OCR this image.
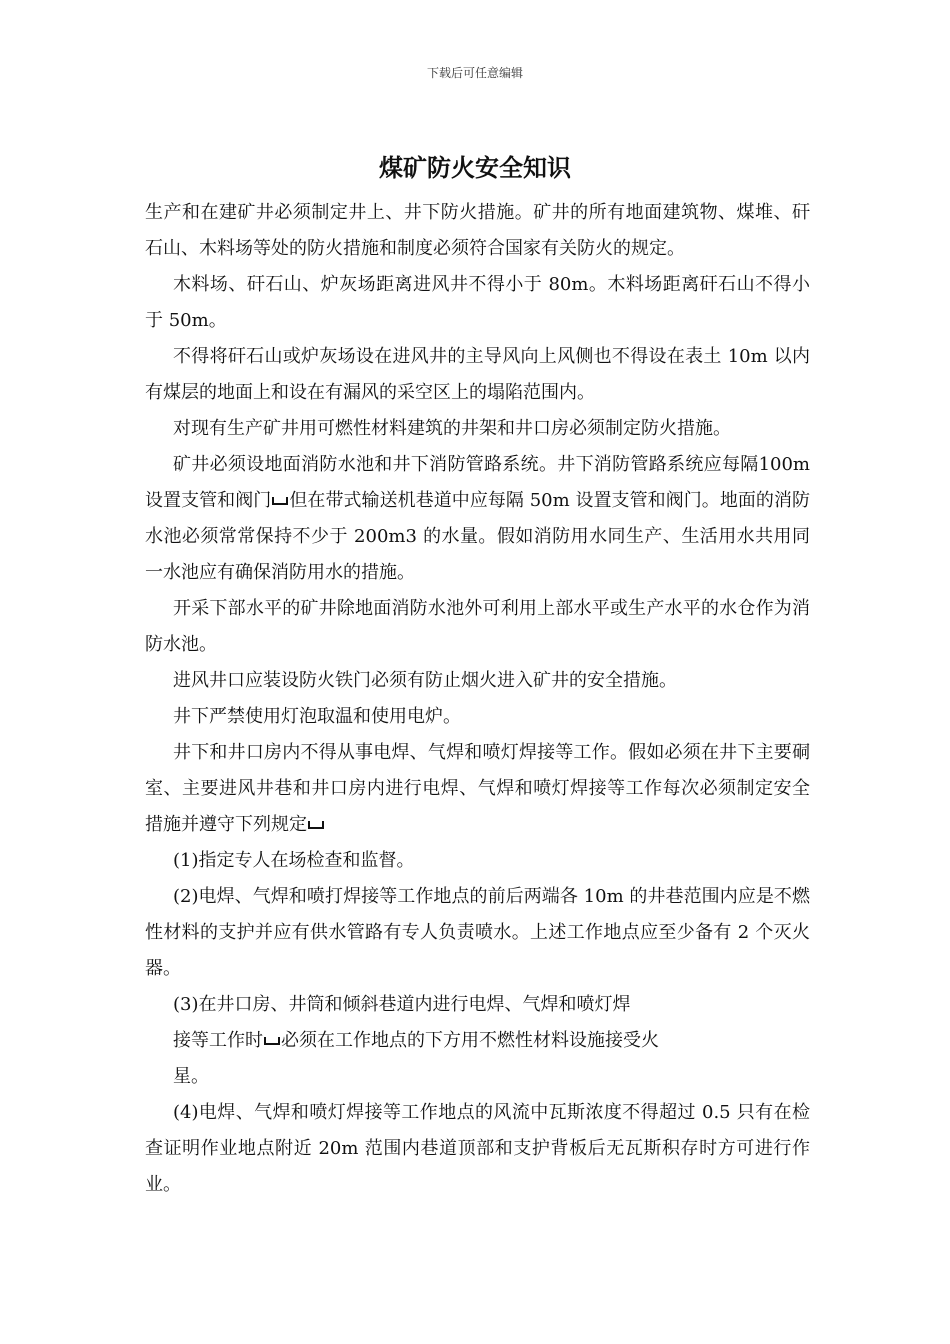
下载后可任意编辑
煤矿防火安全知识

生产和在建矿井必须制定井上、井下防火措施。矿井的所有地面建筑物、煤堆、矸石山、木料场等处的防火措施和制度必须符合国家有关防火的规定。

木料场、矸石山、炉灰场距离进风井不得小于 80m。木料场距离矸石山不得小于 50m。

不得将矸石山或炉灰场设在进风井的主导风向上风侧也不得设在表土 10m 以内有煤层的地面上和设在有漏风的采空区上的塌陷范围内。

对现有生产矿井用可燃性材料建筑的井架和井口房必须制定防火措施。

矿井必须设地面消防水池和井下消防管路系统。井下消防管路系统应每隔100m 设置支管和阀门 但在带式输送机巷道中应每隔 50m 设置支管和阀门。地面的消防水池必须常常保持不少于 200m3 的水量。假如消防用水同生产、生活用水共用同一水池应有确保消防用水的措施。

开采下部水平的矿井除地面消防水池外可利用上部水平或生产水平的水仓作为消防水池。

进风井口应装设防火铁门必须有防止烟火进入矿井的安全措施。

井下严禁使用灯泡取温和使用电炉。

井下和井口房内不得从事电焊、气焊和喷灯焊接等工作。假如必须在井下主要硐室、主要进风井巷和井口房内进行电焊、气焊和喷灯焊接等工作每次必须制定安全措施并遵守下列规定

(1)指定专人在场检查和监督。

(2)电焊、气焊和喷打焊接等工作地点的前后两端各 10m 的井巷范围内应是不燃性材料的支护并应有供水管路有专人负责喷水。上述工作地点应至少备有 2 个灭火器。

(3)在井口房、井筒和倾斜巷道内进行电焊、气焊和喷灯焊

接等工作时 必须在工作地点的下方用不燃性材料设施接受火

星。

(4)电焊、气焊和喷灯焊接等工作地点的风流中瓦斯浓度不得超过 0.5 只有在检查证明作业地点附近 20m 范围内巷道顶部和支护背板后无瓦斯积存时方可进行作业。
